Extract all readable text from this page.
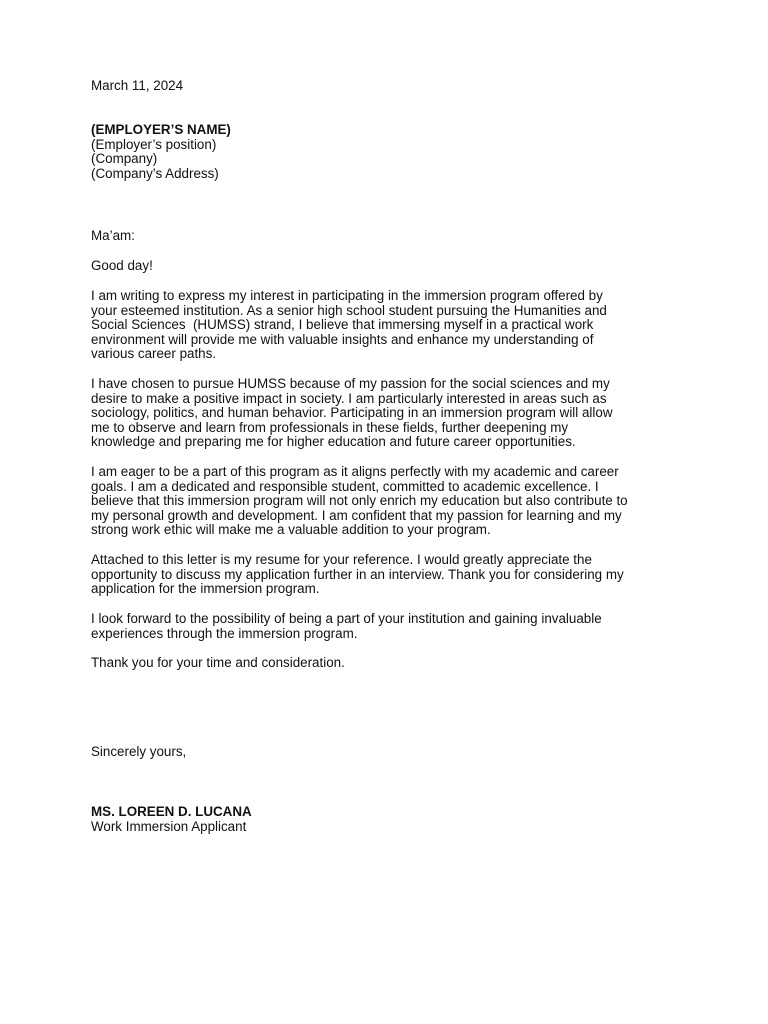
March 11, 2024
(EMPLOYER’S NAME)
(Employer’s position)
(Company)
(Company’s Address)
Ma’am:
Good day!
I am writing to express my interest in participating in the immersion program offered by
your esteemed institution. As a senior high school student pursuing the Humanities and
Social Sciences  (HUMSS) strand, I believe that immersing myself in a practical work
environment will provide me with valuable insights and enhance my understanding of
various career paths.
I have chosen to pursue HUMSS because of my passion for the social sciences and my
desire to make a positive impact in society. I am particularly interested in areas such as
sociology, politics, and human behavior. Participating in an immersion program will allow
me to observe and learn from professionals in these fields, further deepening my
knowledge and preparing me for higher education and future career opportunities.
I am eager to be a part of this program as it aligns perfectly with my academic and career
goals. I am a dedicated and responsible student, committed to academic excellence. I
believe that this immersion program will not only enrich my education but also contribute to
my personal growth and development. I am confident that my passion for learning and my
strong work ethic will make me a valuable addition to your program.
Attached to this letter is my resume for your reference. I would greatly appreciate the
opportunity to discuss my application further in an interview. Thank you for considering my
application for the immersion program.
I look forward to the possibility of being a part of your institution and gaining invaluable
experiences through the immersion program.
Thank you for your time and consideration.
Sincerely yours,
MS. LOREEN D. LUCANA
Work Immersion Applicant
